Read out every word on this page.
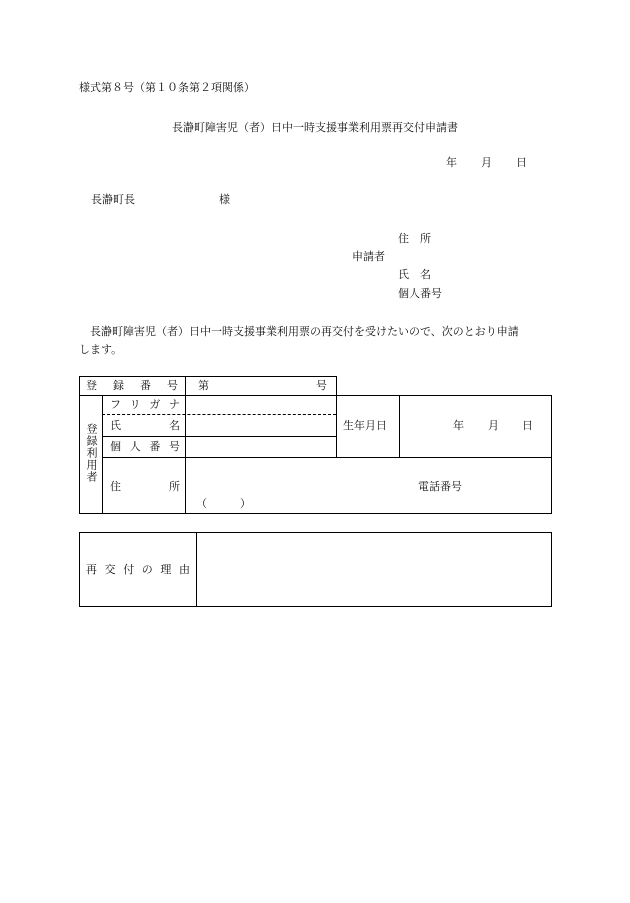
様式第８号（第１０条第２項関係）
長瀞町障害児（者）日中一時支援事業利用票再交付申請書
年 月 日
長瀞町長	様
住　所
申請者
氏　名
個人番号
長瀞町障害児（者）日中一時支援事業利用票の再交付を受けたいので、次のとおり申請
します。
登 録 番 号 第	号
登録利用者
フ リ ガ ナ
氏	名
個 人 番 号
生年月日	年 月 日
住	所	電話番号
（　　　）
再 交 付 の 理 由
